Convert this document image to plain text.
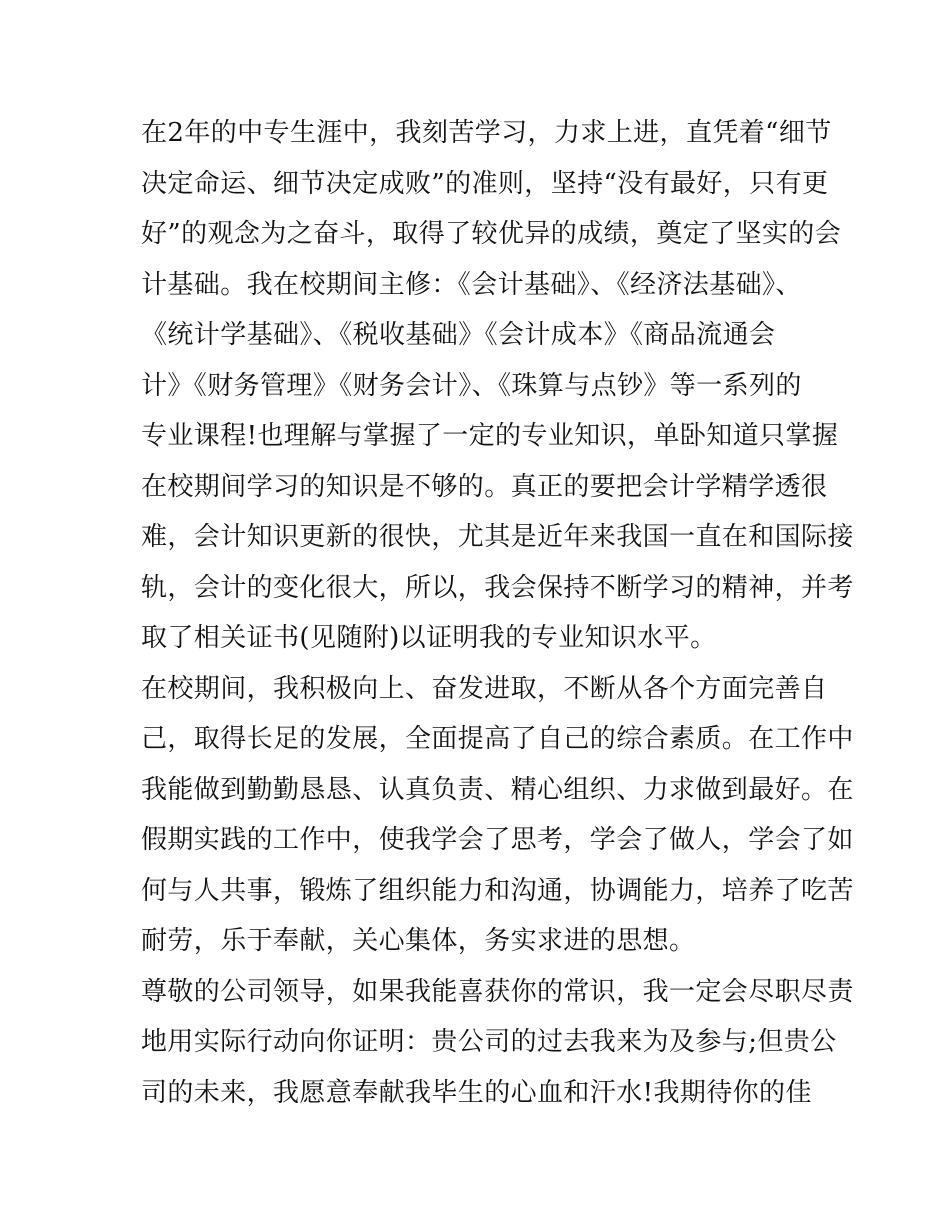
在2年的中专生涯中，我刻苦学习，力求上进，直凭着“细节
决定命运、细节决定成败”的准则，坚持“没有最好，只有更
好”的观念为之奋斗，取得了较优异的成绩，奠定了坚实的会
计基础。我在校期间主修：《会计基础》、《经济法基础》、
《统计学基础》、《税收基础》《会计成本》《商品流通会
计》《财务管理》《财务会计》、《珠算与点钞》等一系列的
专业课程!也理解与掌握了一定的专业知识，单卧知道只掌握
在校期间学习的知识是不够的。真正的要把会计学精学透很
难，会计知识更新的很快，尤其是近年来我国一直在和国际接
轨，会计的变化很大，所以，我会保持不断学习的精神，并考
取了相关证书(见随附)以证明我的专业知识水平。
在校期间，我积极向上、奋发进取，不断从各个方面完善自
己，取得长足的发展，全面提高了自己的综合素质。在工作中
我能做到勤勤恳恳、认真负责、精心组织、力求做到最好。在
假期实践的工作中，使我学会了思考，学会了做人，学会了如
何与人共事，锻炼了组织能力和沟通，协调能力，培养了吃苦
耐劳，乐于奉献，关心集体，务实求进的思想。
尊敬的公司领导，如果我能喜获你的常识，我一定会尽职尽责
地用实际行动向你证明：贵公司的过去我来为及参与;但贵公
司的未来，我愿意奉献我毕生的心血和汗水!我期待你的佳
